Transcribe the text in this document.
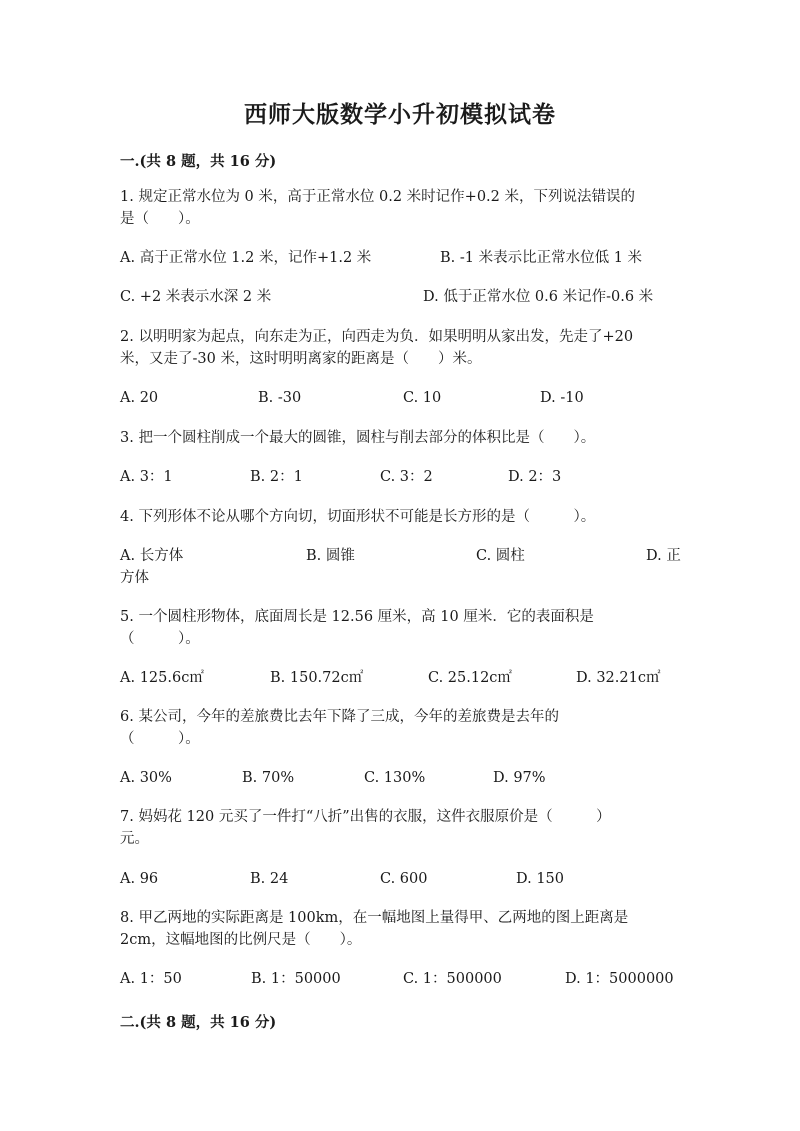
西师大版数学小升初模拟试卷
一.(共 8 题，共 16 分)
1. 规定正常水位为 0 米，高于正常水位 0.2 米时记作+0.2 米，下列说法错误的
是（　　）。
A. 高于正常水位 1.2 米，记作+1.2 米	B. -1 米表示比正常水位低 1 米
C. +2 米表示水深 2 米	D. 低于正常水位 0.6 米记作-0.6 米
2. 以明明家为起点，向东走为正，向西走为负．如果明明从家出发，先走了+20
米，又走了-30 米，这时明明离家的距离是（　　）米。
A. 20	B. -30	C. 10	D. -10
3. 把一个圆柱削成一个最大的圆锥，圆柱与削去部分的体积比是（　　）。
A. 3：1	B. 2：1	C. 3：2	D. 2：3
4. 下列形体不论从哪个方向切，切面形状不可能是长方形的是（　　　）。
A. 长方体	B. 圆锥	C. 圆柱	D. 正
方体
5. 一个圆柱形物体，底面周长是 12.56 厘米，高 10 厘米．它的表面积是
（　　　）。
A. 125.6c㎡	B. 150.72c㎡	C. 25.12c㎡	D. 32.21c㎡
6. 某公司，今年的差旅费比去年下降了三成，今年的差旅费是去年的
（　　　）。
A. 30%	B. 70%	C. 130%	D. 97%
7. 妈妈花 120 元买了一件打“八折”出售的衣服，这件衣服原价是（　　　）
元。
A. 96	B. 24	C. 600	D. 150
8. 甲乙两地的实际距离是 100km，在一幅地图上量得甲、乙两地的图上距离是
2cm，这幅地图的比例尺是（　　）。
A. 1：50	B. 1：50000	C. 1：500000	D. 1：5000000
二.(共 8 题，共 16 分)
